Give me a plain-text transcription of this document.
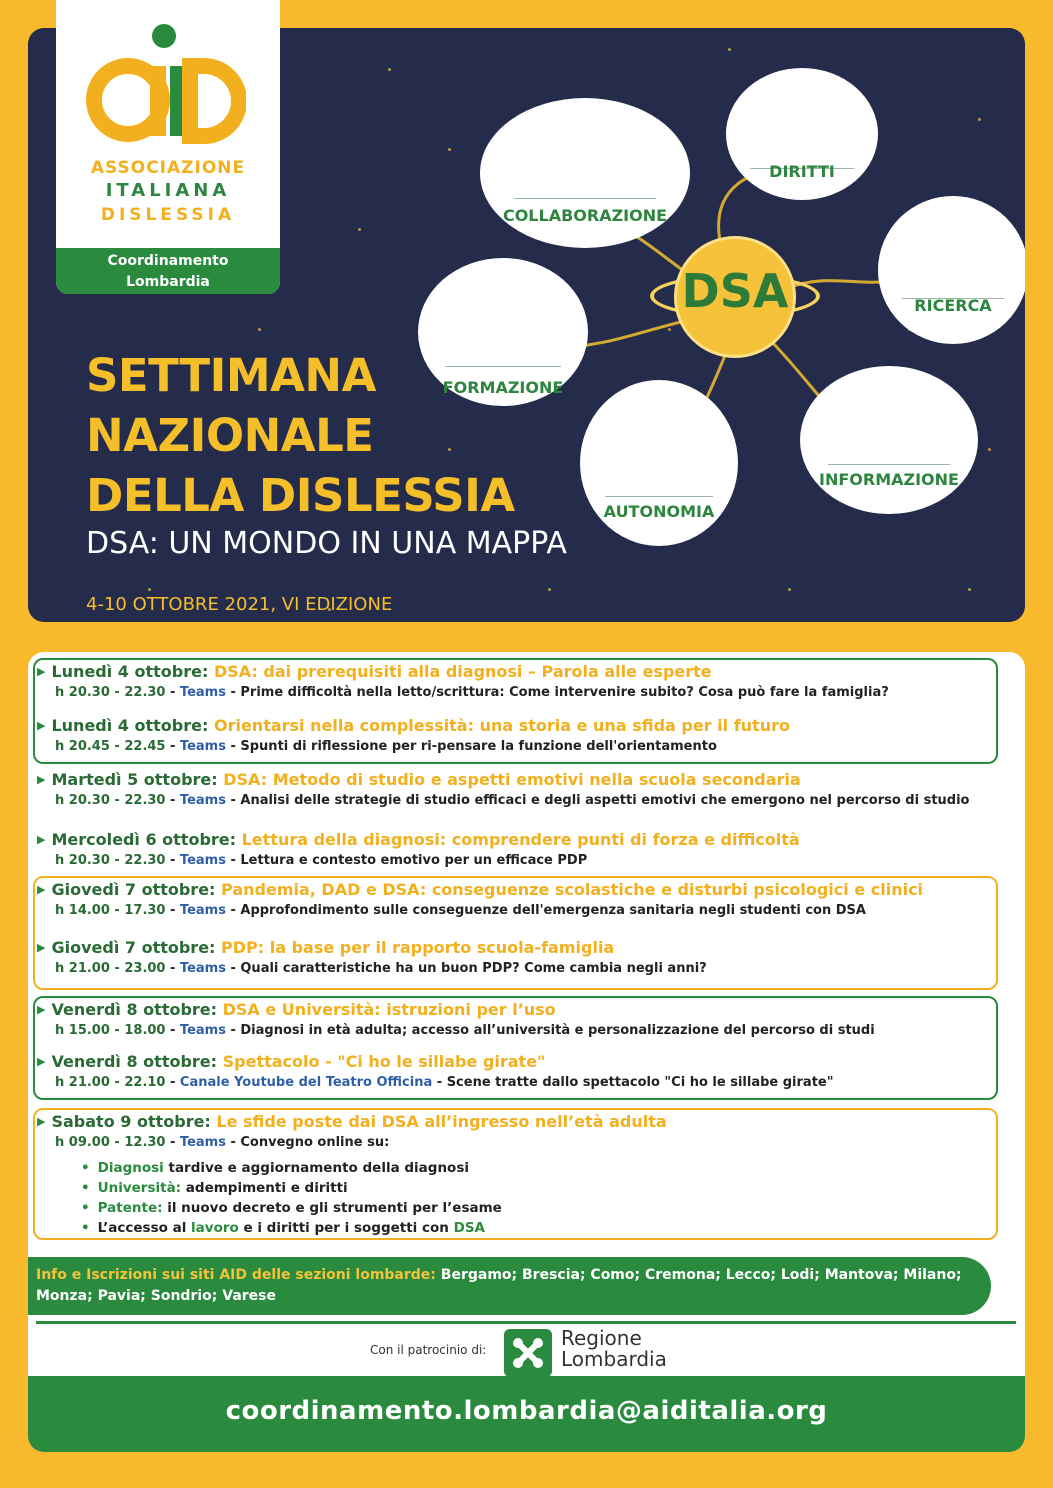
SETTIMANA
NAZIONALE
DELLA DISLESSIA
DSA: UN MONDO IN UNA MAPPA
4-10 OTTOBRE 2021, VI EDIZIONE
COLLABORAZIONE
DIRITTI
RICERCA
FORMAZIONE
INFORMAZIONE
AUTONOMIA
DSA
ASSOCIAZIONE
ITALIANA
DISLESSIA
Coordinamento
Lombardia
▶ Lunedì 4 ottobre: DSA: dai prerequisiti alla diagnosi – Parola alle esperte
h 20.30 - 22.30 - Teams - Prime difficoltà nella letto/scrittura: Come intervenire subito? Cosa può fare la famiglia?
▶ Lunedì 4 ottobre: Orientarsi nella complessità: una storia e una sfida per il futuro
h 20.45 - 22.45 - Teams - Spunti di riflessione per ri-pensare la funzione dell'orientamento
▶ Martedì 5 ottobre: DSA: Metodo di studio e aspetti emotivi nella scuola secondaria
h 20.30 - 22.30 - Teams - Analisi delle strategie di studio efficaci e degli aspetti emotivi che emergono nel percorso di studio
▶ Mercoledì 6 ottobre: Lettura della diagnosi: comprendere punti di forza e difficoltà
h 20.30 - 22.30 - Teams - Lettura e contesto emotivo per un efficace PDP
▶ Giovedì 7 ottobre: Pandemia, DAD e DSA: conseguenze scolastiche e disturbi psicologici e clinici
h 14.00 - 17.30 - Teams - Approfondimento sulle conseguenze dell'emergenza sanitaria negli studenti con DSA
▶ Giovedì 7 ottobre: PDP: la base per il rapporto scuola-famiglia
h 21.00 - 23.00 - Teams - Quali caratteristiche ha un buon PDP? Come cambia negli anni?
▶ Venerdì 8 ottobre: DSA e Università: istruzioni per l’uso
h 15.00 - 18.00 - Teams - Diagnosi in età adulta; accesso all’università e personalizzazione del percorso di studi
▶ Venerdì 8 ottobre: Spettacolo - "Ci ho le sillabe girate"
h 21.00 - 22.10 - Canale Youtube del Teatro Officina - Scene tratte dallo spettacolo "Ci ho le sillabe girate"
▶ Sabato 9 ottobre: Le sfide poste dai DSA all’ingresso nell’età adulta
h 09.00 - 12.30 - Teams - Convegno online su:
• Diagnosi tardive e aggiornamento della diagnosi
• Università: adempimenti e diritti
• Patente: il nuovo decreto e gli strumenti per l’esame
• L’accesso al lavoro e i diritti per i soggetti con DSA
Info e Iscrizioni sui siti AID delle sezioni lombarde: Bergamo; Brescia; Como; Cremona; Lecco; Lodi; Mantova; Milano; Monza; Pavia; Sondrio; Varese
Con il patrocinio di:	Regione
Lombardia
coordinamento.lombardia@aiditalia.org
